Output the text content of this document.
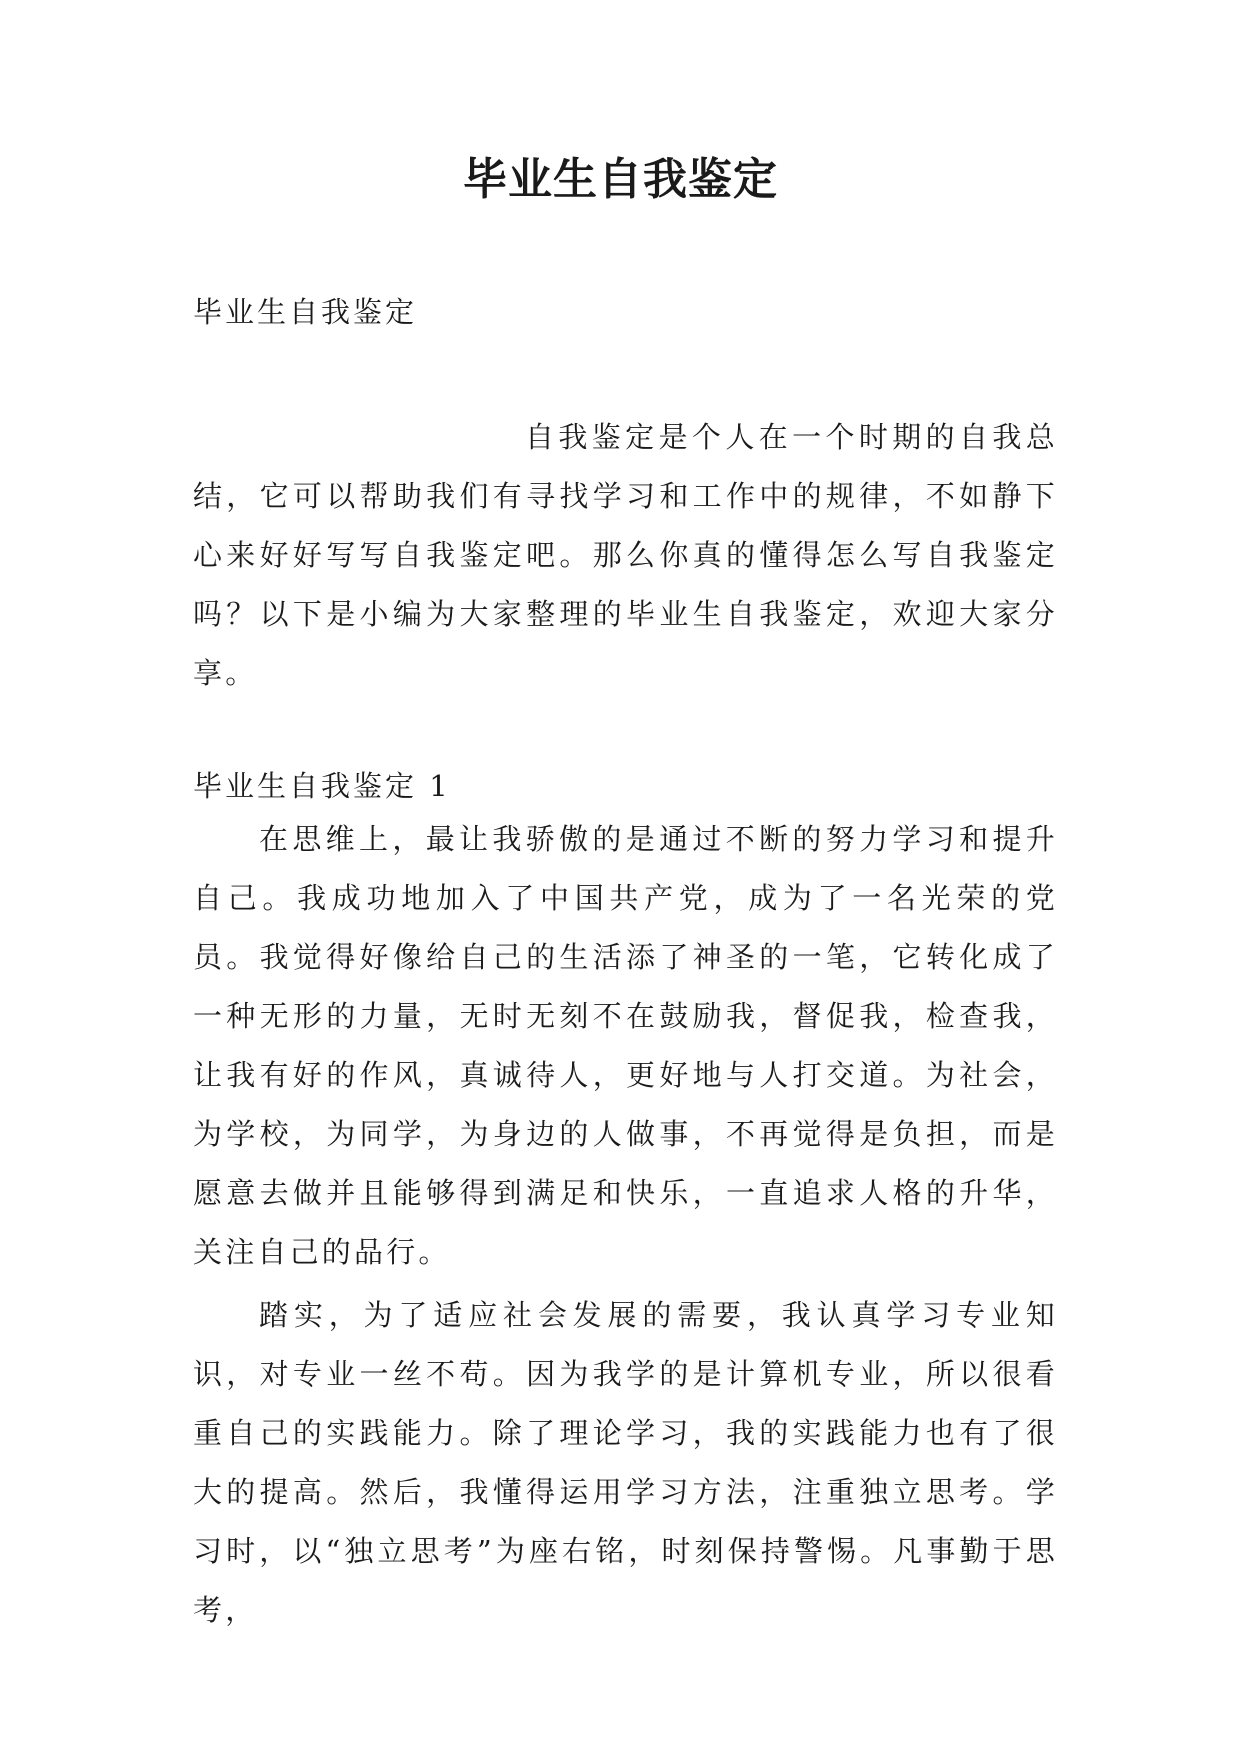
毕业生自我鉴定

毕业生自我鉴定

自我鉴定是个人在一个时期的自我总结，它可以帮助我们有寻找学习和工作中的规律，不如静下心来好好写写自我鉴定吧。那么你真的懂得怎么写自我鉴定吗？以下是小编为大家整理的毕业生自我鉴定，欢迎大家分享。

毕业生自我鉴定 1

在思维上，最让我骄傲的是通过不断的努力学习和提升自己。我成功地加入了中国共产党，成为了一名光荣的党员。我觉得好像给自己的生活添了神圣的一笔，它转化成了一种无形的力量，无时无刻不在鼓励我，督促我，检查我，让我有好的作风，真诚待人，更好地与人打交道。为社会，为学校，为同学，为身边的人做事，不再觉得是负担，而是愿意去做并且能够得到满足和快乐，一直追求人格的升华，关注自己的品行。

踏实，为了适应社会发展的需要，我认真学习专业知识，对专业一丝不苟。因为我学的是计算机专业，所以很看重自己的实践能力。除了理论学习，我的实践能力也有了很大的提高。然后，我懂得运用学习方法，注重独立思考。学习时，以“独立思考”为座右铭，时刻保持警惕。凡事勤于思考，
